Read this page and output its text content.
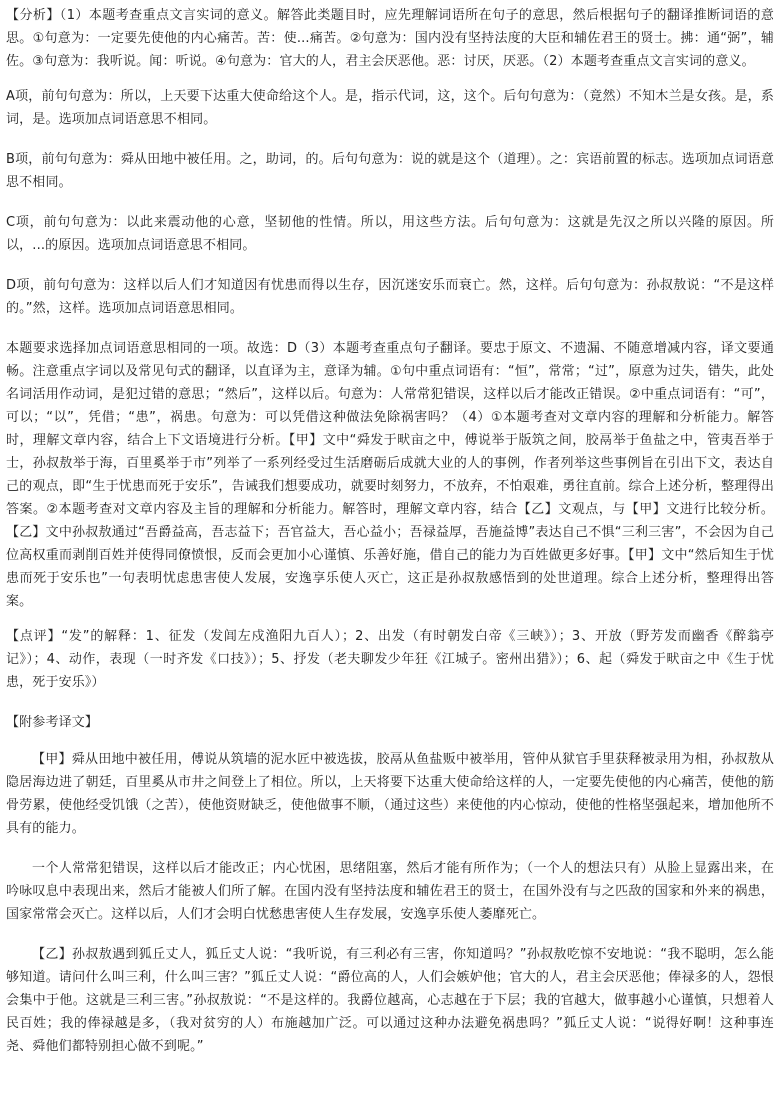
【分析】（1）本题考查重点文言实词的意义。解答此类题目时，应先理解词语所在句子的意思，然后根据句子的翻译推断词语的意思。①句意为：一定要先使他的内心痛苦。苦：使...痛苦。②句意为：国内没有坚持法度的大臣和辅佐君王的贤士。拂：通“弼”，辅佐。③句意为：我听说。闻：听说。④句意为：官大的人，君主会厌恶他。恶：讨厌，厌恶。（2）本题考查重点文言实词的意义。

A项，前句句意为：所以，上天要下达重大使命给这个人。是，指示代词，这，这个。后句句意为：（竟然）不知木兰是女孩。是，系词，是。选项加点词语意思不相同。

B项，前句句意为：舜从田地中被任用。之，助词，的。后句句意为：说的就是这个（道理）。之：宾语前置的标志。选项加点词语意思不相同。

C项，前句句意为：以此来震动他的心意，坚韧他的性情。所以，用这些方法。后句句意为：这就是先汉之所以兴隆的原因。所以，...的原因。选项加点词语意思不相同。

D项，前句句意为：这样以后人们才知道因有忧患而得以生存，因沉迷安乐而衰亡。然，这样。后句句意为：孙叔敖说：“不是这样的。”然，这样。选项加点词语意思相同。

本题要求选择加点词语意思相同的一项。故选：D（3）本题考查重点句子翻译。要忠于原文、不遗漏、不随意增减内容，译文要通畅。注意重点字词以及常见句式的翻译，以直译为主，意译为辅。①句中重点词语有：“恒”，常常；“过”，原意为过失，错失，此处名词活用作动词，是犯过错的意思；“然后”，这样以后。句意为：人常常犯错误，这样以后才能改正错误。②中重点词语有：“可”，可以；“以”，凭借；“患”，祸患。句意为：可以凭借这种做法免除祸害吗？（4）①本题考查对文章内容的理解和分析能力。解答时，理解文章内容，结合上下文语境进行分析。【甲】文中“舜发于畎亩之中，傅说举于版筑之间，胶鬲举于鱼盐之中，管夷吾举于士，孙叔敖举于海，百里奚举于市”列举了一系列经受过生活磨砺后成就大业的人的事例，作者列举这些事例旨在引出下文，表达自己的观点，即“生于忧患而死于安乐”，告诫我们想要成功，就要时刻努力，不放弃，不怕艰难，勇往直前。综合上述分析，整理得出答案。②本题考查对文章内容及主旨的理解和分析能力。解答时，理解文章内容，结合【乙】文观点，与【甲】文进行比较分析。【乙】文中孙叔敖通过“吾爵益高，吾志益下；吾官益大，吾心益小；吾禄益厚，吾施益博”表达自己不惧“三利三害”，不会因为自己位高权重而剥削百姓并使得同僚愤恨，反而会更加小心谨慎、乐善好施，借自己的能力为百姓做更多好事。【甲】文中“然后知生于忧患而死于安乐也”一句表明忧虑患害使人发展，安逸享乐使人灭亡，这正是孙叔敖感悟到的处世道理。综合上述分析，整理得出答案。

【点评】“发”的解释：1、征发（发闾左戍渔阳九百人）；2、出发（有时朝发白帝《三峡》）；3、开放（野芳发而幽香《醉翁亭记》）；4、动作，表现（一时齐发《口技》）；5、抒发（老夫聊发少年狂《江城子。密州出猎》）；6、起（舜发于畎亩之中《生于忧患，死于安乐》）

【附参考译文】

【甲】舜从田地中被任用，傅说从筑墙的泥水匠中被选拔，胶鬲从鱼盐贩中被举用，管仲从狱官手里获释被录用为相，孙叔敖从隐居海边进了朝廷，百里奚从市井之间登上了相位。所以，上天将要下达重大使命给这样的人，一定要先使他的内心痛苦，使他的筋骨劳累，使他经受饥饿（之苦），使他资财缺乏，使他做事不顺，（通过这些）来使他的内心惊动，使他的性格坚强起来，增加他所不具有的能力。

一个人常常犯错误，这样以后才能改正；内心忧困，思绪阻塞，然后才能有所作为；（一个人的想法只有）从脸上显露出来，在吟咏叹息中表现出来，然后才能被人们所了解。在国内没有坚持法度和辅佐君王的贤士，在国外没有与之匹敌的国家和外来的祸患，国家常常会灭亡。这样以后，人们才会明白忧愁患害使人生存发展，安逸享乐使人萎靡死亡。

【乙】孙叔敖遇到狐丘丈人，狐丘丈人说：“我听说，有三利必有三害，你知道吗？”孙叔敖吃惊不安地说：“我不聪明，怎么能够知道。请问什么叫三利，什么叫三害？”狐丘丈人说：“爵位高的人，人们会嫉妒他；官大的人，君主会厌恶他；俸禄多的人，怨恨会集中于他。这就是三利三害。”孙叔敖说：“不是这样的。我爵位越高，心志越在于下层；我的官越大，做事越小心谨慎，只想着人民百姓；我的俸禄越是多，（我对贫穷的人）布施越加广泛。可以通过这种办法避免祸患吗？”狐丘丈人说：“说得好啊！这种事连尧、舜他们都特别担心做不到呢。”
